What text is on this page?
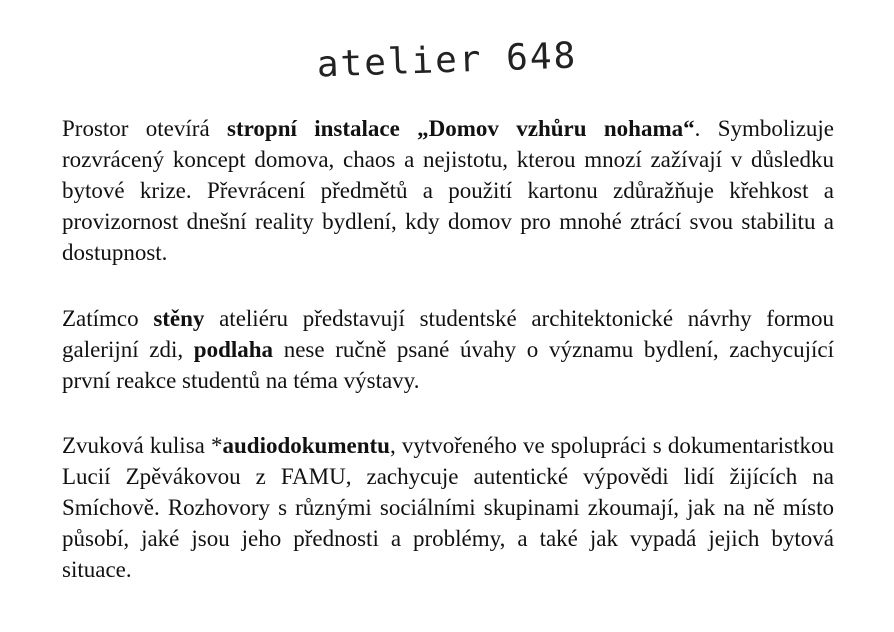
atelier 648

Prostor otevírá stropní instalace „Domov vzhůru nohama“. Symbolizuje rozvrácený koncept domova, chaos a nejistotu, kterou mnozí zažívají v důsledku bytové krize. Převrácení předmětů a použití kartonu zdůražňuje křehkost a provizornost dnešní reality bydlení, kdy domov pro mnohé ztrácí svou stabilitu a dostupnost.

Zatímco stěny ateliéru představují studentské architektonické návrhy formou galerijní zdi, podlaha nese ručně psané úvahy o významu bydlení, zachycující první reakce studentů na téma výstavy.

Zvuková kulisa *audiodokumentu, vytvořeného ve spolupráci s dokumentaristkou Lucií Zpěvákovou z FAMU, zachycuje autentické výpovědi lidí žijících na Smíchově. Rozhovory s různými sociálními skupinami zkoumají, jak na ně místo působí, jaké jsou jeho přednosti a problémy, a také jak vypadá jejich bytová situace.
